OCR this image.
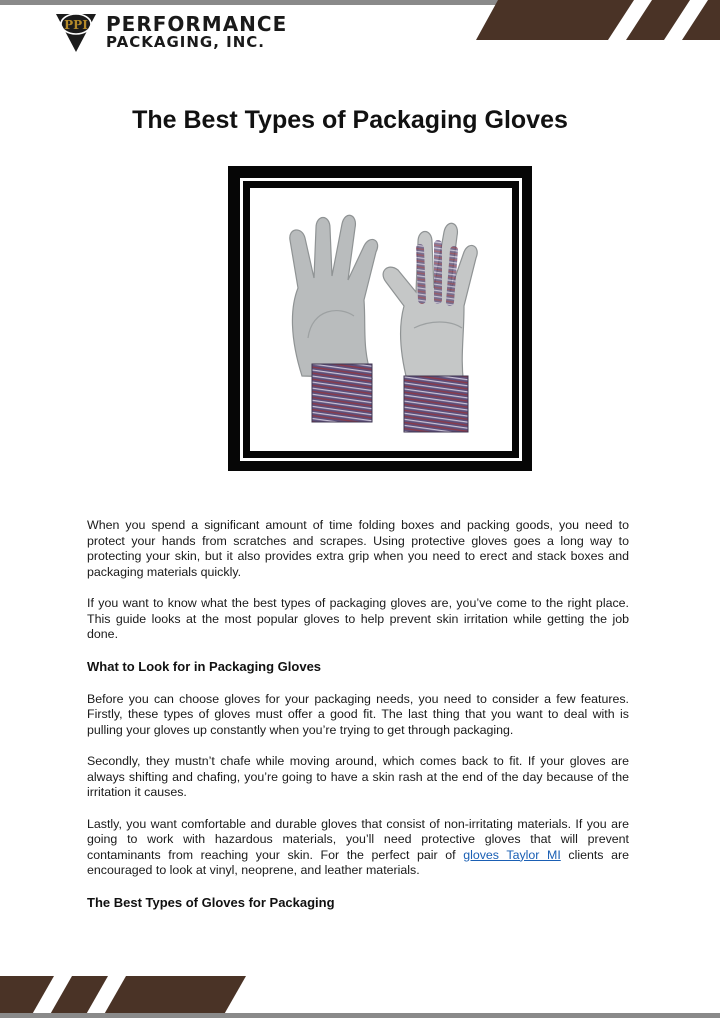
PPI PERFORMANCE
PACKAGING, INC.
The Best Types of Packaging Gloves

When you spend a significant amount of time folding boxes and packing goods, you need to protect your hands from scratches and scrapes. Using protective gloves goes a long way to protecting your skin, but it also provides extra grip when you need to erect and stack boxes and packaging materials quickly.

If you want to know what the best types of packaging gloves are, you’ve come to the right place. This guide looks at the most popular gloves to help prevent skin irritation while getting the job done.

What to Look for in Packaging Gloves

Before you can choose gloves for your packaging needs, you need to consider a few features. Firstly, these types of gloves must offer a good fit. The last thing that you want to deal with is pulling your gloves up constantly when you’re trying to get through packaging.

Secondly, they mustn’t chafe while moving around, which comes back to fit. If your gloves are always shifting and chafing, you’re going to have a skin rash at the end of the day because of the irritation it causes.

Lastly, you want comfortable and durable gloves that consist of non-irritating materials. If you are going to work with hazardous materials, you’ll need protective gloves that will prevent contaminants from reaching your skin. For the perfect pair of gloves Taylor MI clients are encouraged to look at vinyl, neoprene, and leather materials.

The Best Types of Gloves for Packaging
